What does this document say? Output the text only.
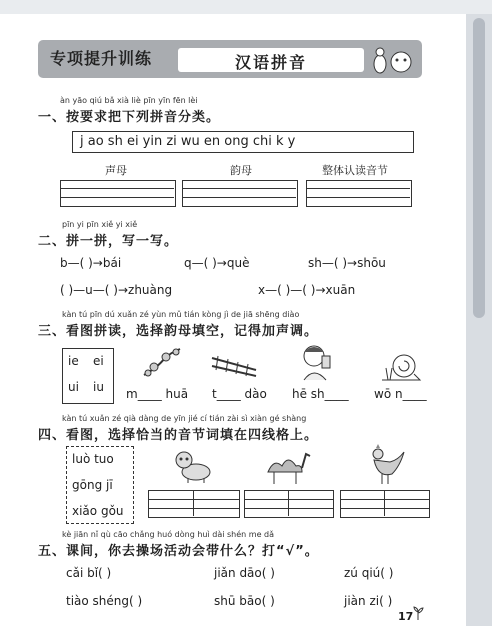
专项提升训练	汉语拼音
àn yāo qiú bǎ xià liè pīn yīn fēn lèi
一、按要求把下列拼音分类。
j ao sh ei yin zi wu en ong chi k y
声母	韵母	整体认读音节
pīn yi pīn xiě yi xiě
二、拼一拼，写一写。
b—( )→bái	q—( )→què	sh—( )→shōu
( )—u—( )→zhuàng	x—( )—( )→xuān
kàn tú pīn dú xuǎn zé yùn mǔ tián kòng jì de jiā shēng diào
三、看图拼读，选择韵母填空，记得加声调。
ie ei
ui iu m____ huā t____ dào hē sh____ wō n____
kàn tú xuǎn zé qià dàng de yīn jié cí tián zài sì xiàn gé shàng
四、看图，选择恰当的音节词填在四线格上。
luò tuo
gōng jī
xiǎo gǒu
kè jiān nǐ qù cāo chǎng huó dòng huì dài shén me dǎ
五、课间，你去操场活动会带什么？打“√”。
cǎi bǐ( )	jiǎn dāo( )	zú qiú( )
tiào shéng( )	shū bāo( )	jiàn zi( )
17
